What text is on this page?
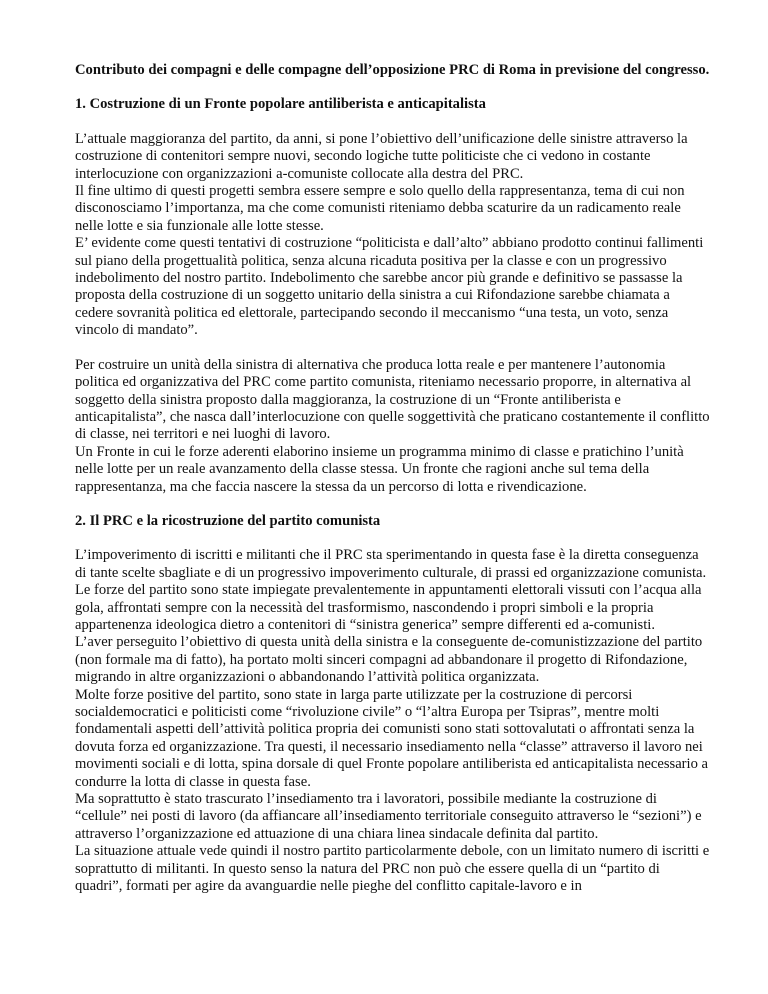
Contributo dei compagni e delle compagne dell’opposizione PRC di Roma in previsione del congresso.

1. Costruzione di un Fronte popolare antiliberista e anticapitalista

L’attuale maggioranza del partito, da anni, si pone l’obiettivo dell’unificazione delle sinistre attraverso la costruzione di contenitori sempre nuovi, secondo logiche tutte politiciste che ci vedono in costante interlocuzione con organizzazioni a-comuniste collocate alla destra del PRC.
Il fine ultimo di questi progetti sembra essere sempre e solo quello della rappresentanza, tema di cui non disconosciamo l’importanza, ma che come comunisti riteniamo debba scaturire da un radicamento reale nelle lotte e sia funzionale alle lotte stesse.
E’ evidente come questi tentativi di costruzione “politicista e dall’alto” abbiano prodotto continui fallimenti sul piano della progettualità politica, senza alcuna ricaduta positiva per la classe e con un progressivo indebolimento del nostro partito. Indebolimento che sarebbe ancor più grande e definitivo se passasse la proposta della costruzione di un soggetto unitario della sinistra a cui Rifondazione sarebbe chiamata a cedere sovranità politica ed elettorale, partecipando secondo il meccanismo “una testa, un voto, senza vincolo di mandato”.

Per costruire un unità della sinistra di alternativa che produca lotta reale e per mantenere l’autonomia politica ed organizzativa del PRC come partito comunista, riteniamo necessario proporre, in alternativa al soggetto della sinistra proposto dalla maggioranza, la costruzione di un “Fronte antiliberista e anticapitalista”, che nasca dall’interlocuzione con quelle soggettività che praticano costantemente il conflitto di classe, nei territori e nei luoghi di lavoro.
Un Fronte in cui le forze aderenti elaborino insieme un programma minimo di classe e pratichino l’unità nelle lotte per un reale avanzamento della classe stessa. Un fronte che ragioni anche sul tema della rappresentanza, ma che faccia nascere la stessa da un percorso di lotta e rivendicazione.

2. Il PRC e la ricostruzione del partito comunista

L’impoverimento di iscritti e militanti che il PRC sta sperimentando in questa fase è la diretta conseguenza di tante scelte sbagliate e di un progressivo impoverimento culturale, di prassi ed organizzazione comunista.
Le forze del partito sono state impiegate prevalentemente in appuntamenti elettorali vissuti con l’acqua alla gola, affrontati sempre con la necessità del trasformismo, nascondendo i propri simboli e la propria appartenenza ideologica dietro a contenitori di “sinistra generica” sempre differenti ed a-comunisti.
L’aver perseguito l’obiettivo di questa unità della sinistra e la conseguente de-comunistizzazione del partito (non formale ma di fatto), ha portato molti sinceri compagni ad abbandonare il progetto di Rifondazione, migrando in altre organizzazioni o abbandonando l’attività politica organizzata.
Molte forze positive del partito, sono state in larga parte utilizzate per la costruzione di percorsi socialdemocratici e politicisti come “rivoluzione civile” o “l’altra Europa per Tsipras”, mentre molti fondamentali aspetti dell’attività politica propria dei comunisti sono stati sottovalutati o affrontati senza la dovuta forza ed organizzazione. Tra questi, il necessario insediamento nella “classe” attraverso il lavoro nei movimenti sociali e di lotta, spina dorsale di quel Fronte popolare antiliberista ed anticapitalista necessario a condurre la lotta di classe in questa fase.
Ma soprattutto è stato trascurato l’insediamento tra i lavoratori, possibile mediante la costruzione di “cellule” nei posti di lavoro (da affiancare all’insediamento territoriale conseguito attraverso le “sezioni”) e attraverso l’organizzazione ed attuazione di una chiara linea sindacale definita dal partito.
La situazione attuale vede quindi il nostro partito particolarmente debole, con un limitato numero di iscritti e soprattutto di militanti. In questo senso la natura del PRC non può che essere quella di un “partito di quadri”, formati per agire da avanguardie nelle pieghe del conflitto capitale-lavoro e in
